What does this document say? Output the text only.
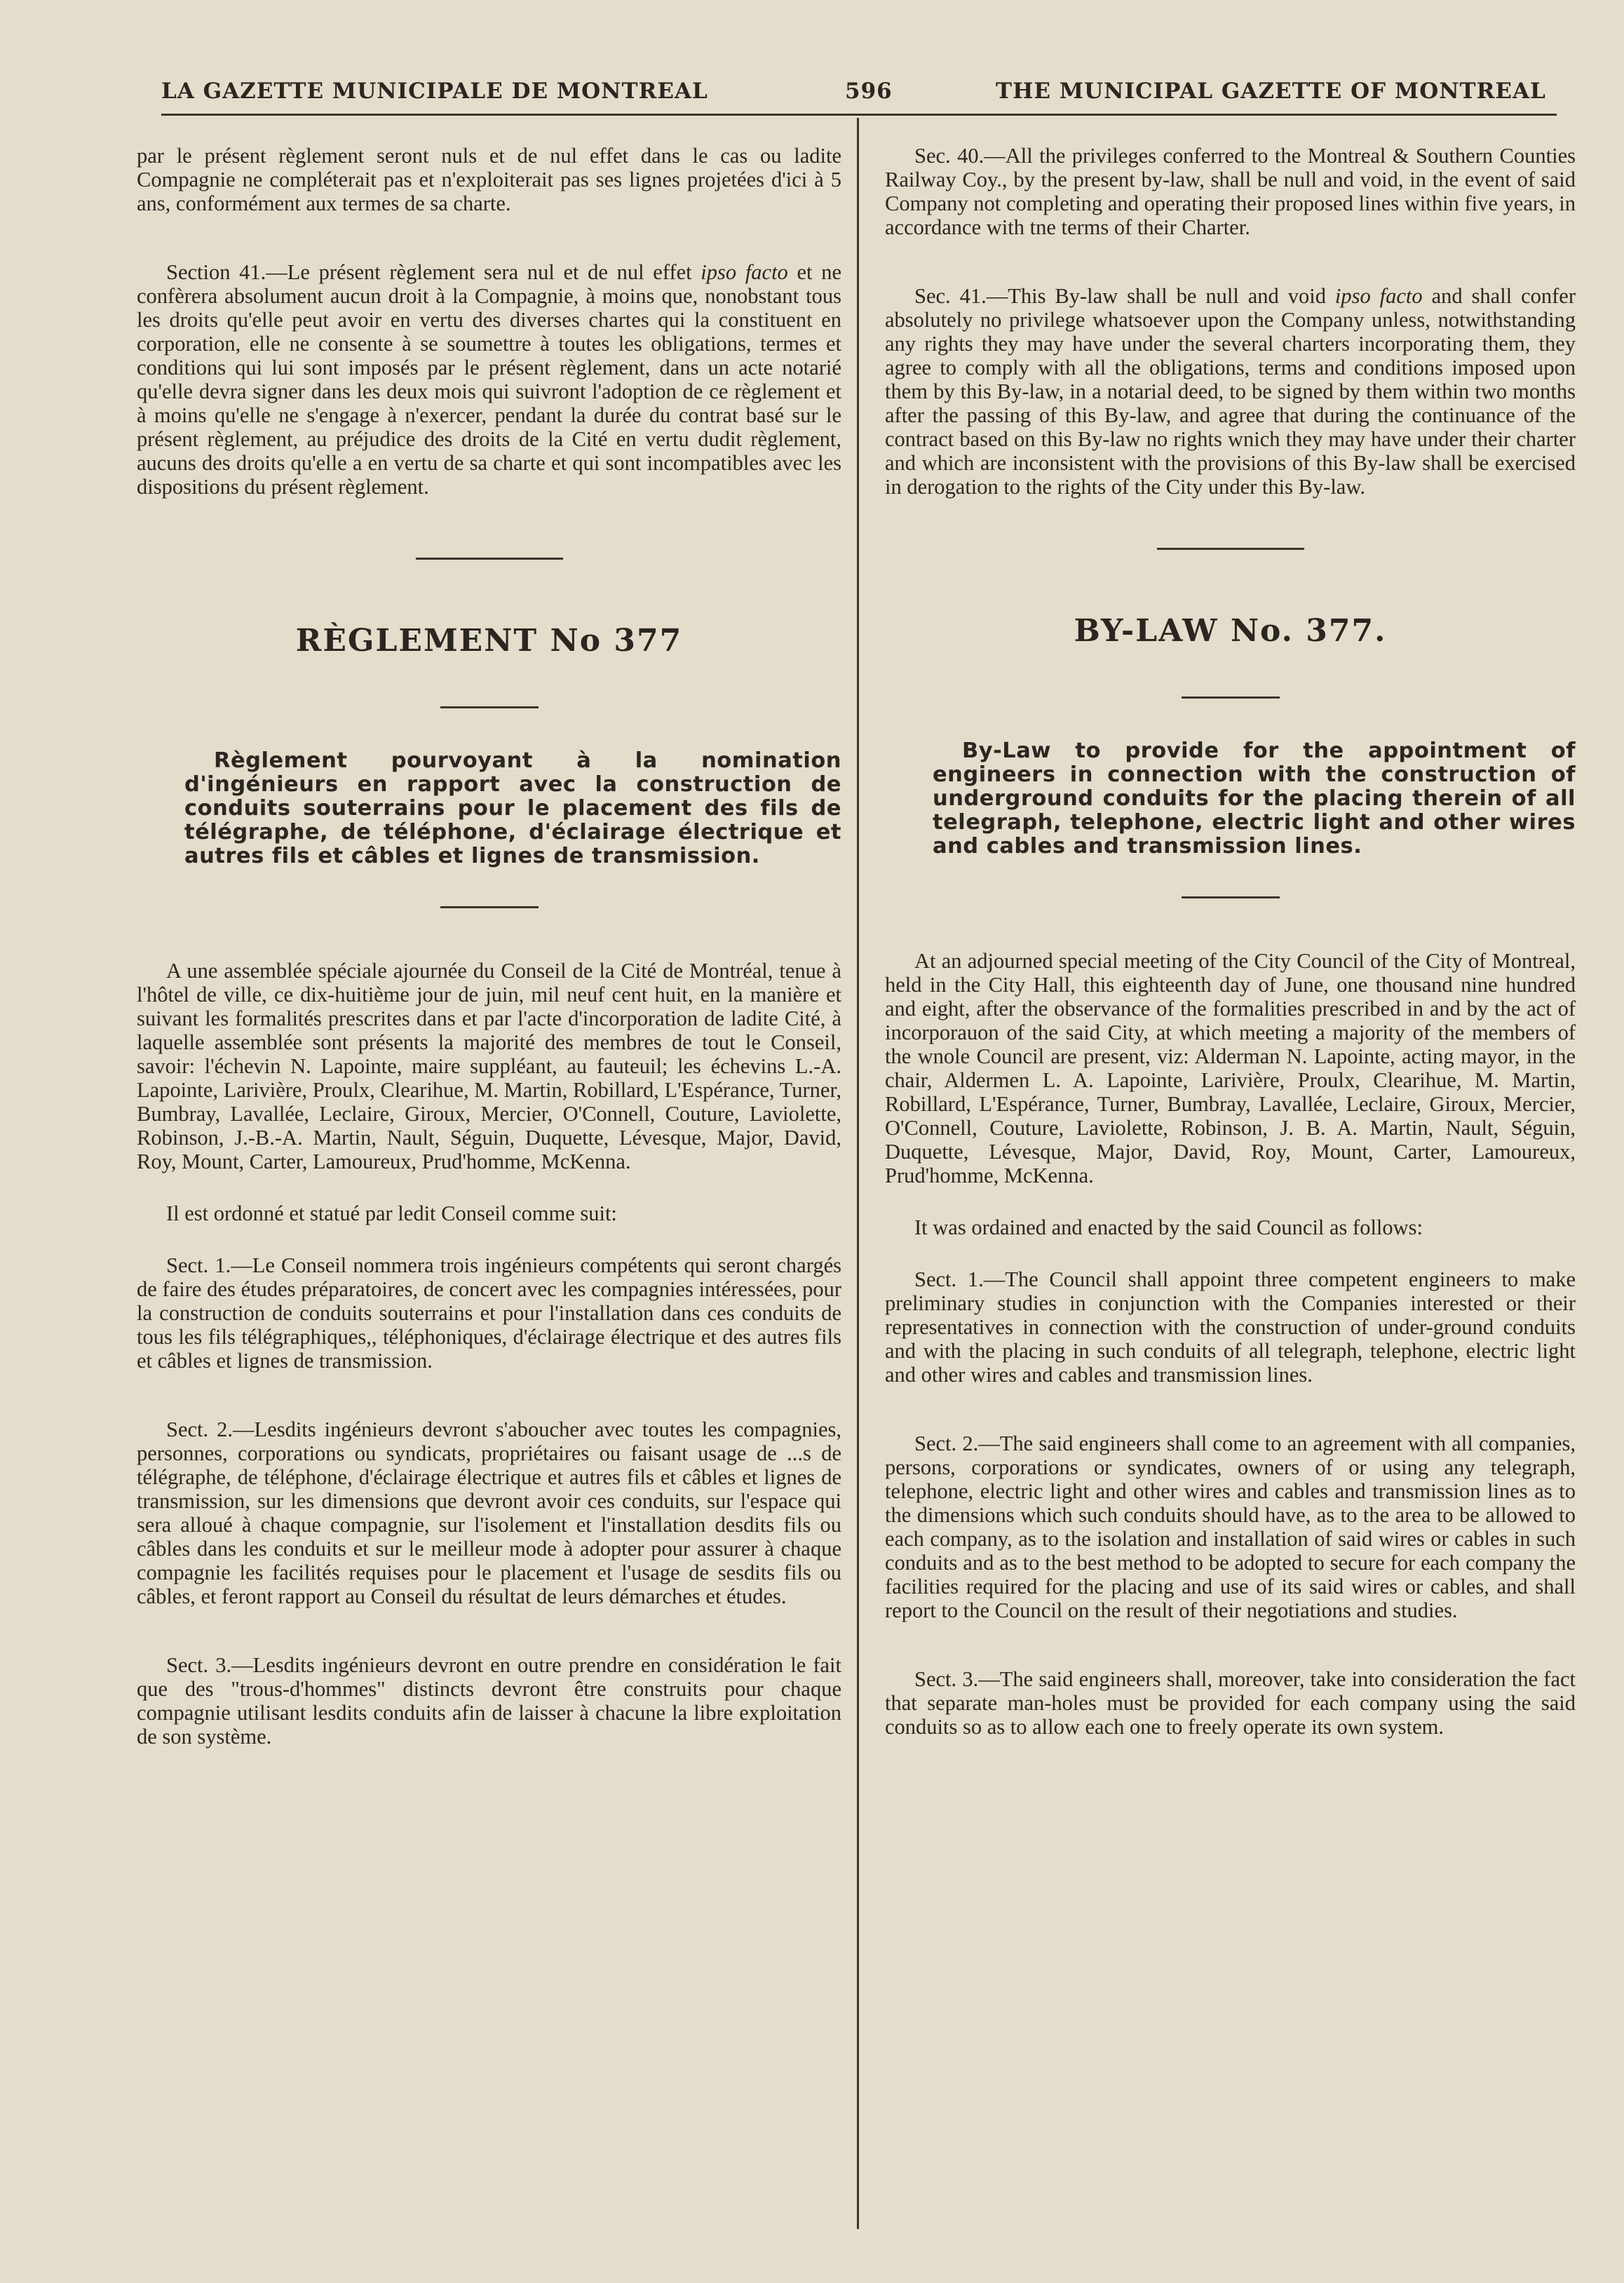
LA GAZETTE MUNICIPALE DE MONTREAL	596	THE MUNICIPAL GAZETTE OF MONTREAL

par le présent règlement seront nuls et de nul effet dans le cas ou ladite Compagnie ne compléterait pas et n'exploiterait pas ses lignes projetées d'ici à 5 ans, conformément aux termes de sa charte.

Section 41.—Le présent règlement sera nul et de nul effet ipso facto et ne confèrera absolument aucun droit à la Compagnie, à moins que, nonobstant tous les droits qu'elle peut avoir en vertu des diverses chartes qui la constituent en corporation, elle ne consente à se soumettre à toutes les obligations, termes et conditions qui lui sont imposés par le présent règlement, dans un acte notarié qu'elle devra signer dans les deux mois qui suivront l'adoption de ce règlement et à moins qu'elle ne s'engage à n'exercer, pendant la durée du contrat basé sur le présent règlement, au préjudice des droits de la Cité en vertu dudit règlement, aucuns des droits qu'elle a en vertu de sa charte et qui sont incompatibles avec les dispositions du présent règlement.

RÈGLEMENT No 377

Règlement pourvoyant à la nomination d'ingénieurs en rapport avec la construction de conduits souterrains pour le placement des fils de télégraphe, de téléphone, d'éclairage électrique et autres fils et câbles et lignes de transmission.

A une assemblée spéciale ajournée du Conseil de la Cité de Montréal, tenue à l'hôtel de ville, ce dix-huitième jour de juin, mil neuf cent huit, en la manière et suivant les formalités prescrites dans et par l'acte d'incorporation de ladite Cité, à laquelle assemblée sont présents la majorité des membres de tout le Conseil, savoir: l'échevin N. Lapointe, maire suppléant, au fauteuil; les échevins L.-A. Lapointe, Larivière, Proulx, Clearihue, M. Martin, Robillard, L'Espérance, Turner, Bumbray, Lavallée, Leclaire, Giroux, Mercier, O'Connell, Couture, Laviolette, Robinson, J.-B.-A. Martin, Nault, Séguin, Duquette, Lévesque, Major, David, Roy, Mount, Carter, Lamoureux, Prud'homme, McKenna.

Il est ordonné et statué par ledit Conseil comme suit:

Sect. 1.—Le Conseil nommera trois ingénieurs compétents qui seront chargés de faire des études préparatoires, de concert avec les compagnies intéressées, pour la construction de conduits souterrains et pour l'installation dans ces conduits de tous les fils télégraphiques,, téléphoniques, d'éclairage électrique et des autres fils et câbles et lignes de transmission.

Sect. 2.—Lesdits ingénieurs devront s'aboucher avec toutes les compagnies, personnes, corporations ou syndicats, propriétaires ou faisant usage de ...s de télégraphe, de téléphone, d'éclairage électrique et autres fils et câbles et lignes de transmission, sur les dimensions que devront avoir ces conduits, sur l'espace qui sera alloué à chaque compagnie, sur l'isolement et l'installation desdits fils ou câbles dans les conduits et sur le meilleur mode à adopter pour assurer à chaque compagnie les facilités requises pour le placement et l'usage de sesdits fils ou câbles, et feront rapport au Conseil du résultat de leurs démarches et études.

Sect. 3.—Lesdits ingénieurs devront en outre prendre en considération le fait que des "trous-d'hommes" distincts devront être construits pour chaque compagnie utilisant lesdits conduits afin de laisser à chacune la libre exploitation de son système.

Sec. 40.—All the privileges conferred to the Montreal & Southern Counties Railway Coy., by the present by-law, shall be null and void, in the event of said Company not completing and operating their proposed lines within five years, in accordance with tne terms of their Charter.

Sec. 41.—This By-law shall be null and void ipso facto and shall confer absolutely no privilege whatsoever upon the Company unless, notwithstanding any rights they may have under the several charters incorporating them, they agree to comply with all the obligations, terms and conditions imposed upon them by this By-law, in a notarial deed, to be signed by them within two months after the passing of this By-law, and agree that during the continuance of the contract based on this By-law no rights wnich they may have under their charter and which are inconsistent with the provisions of this By-law shall be exercised in derogation to the rights of the City under this By-law.

BY-LAW No. 377.

By-Law to provide for the appointment of engineers in connection with the construction of underground conduits for the placing therein of all telegraph, telephone, electric light and other wires and cables and transmission lines.

At an adjourned special meeting of the City Council of the City of Montreal, held in the City Hall, this eighteenth day of June, one thousand nine hundred and eight, after the observance of the formalities prescribed in and by the act of incorporauon of the said City, at which meeting a majority of the members of the wnole Council are present, viz: Alderman N. Lapointe, acting mayor, in the chair, Aldermen L. A. Lapointe, Larivière, Proulx, Clearihue, M. Martin, Robillard, L'Espérance, Turner, Bumbray, Lavallée, Leclaire, Giroux, Mercier, O'Connell, Couture, Laviolette, Robinson, J. B. A. Martin, Nault, Séguin, Duquette, Lévesque, Major, David, Roy, Mount, Carter, Lamoureux, Prud'homme, McKenna.

It was ordained and enacted by the said Council as follows:

Sect. 1.—The Council shall appoint three competent engineers to make preliminary studies in conjunction with the Companies interested or their representatives in connection with the construction of under-ground conduits and with the placing in such conduits of all telegraph, telephone, electric light and other wires and cables and transmission lines.

Sect. 2.—The said engineers shall come to an agreement with all companies, persons, corporations or syndicates, owners of or using any telegraph, telephone, electric light and other wires and cables and transmission lines as to the dimensions which such conduits should have, as to the area to be allowed to each company, as to the isolation and installation of said wires or cables in such conduits and as to the best method to be adopted to secure for each company the facilities required for the placing and use of its said wires or cables, and shall report to the Council on the result of their negotiations and studies.

Sect. 3.—The said engineers shall, moreover, take into consideration the fact that separate man-holes must be provided for each company using the said conduits so as to allow each one to freely operate its own system.
